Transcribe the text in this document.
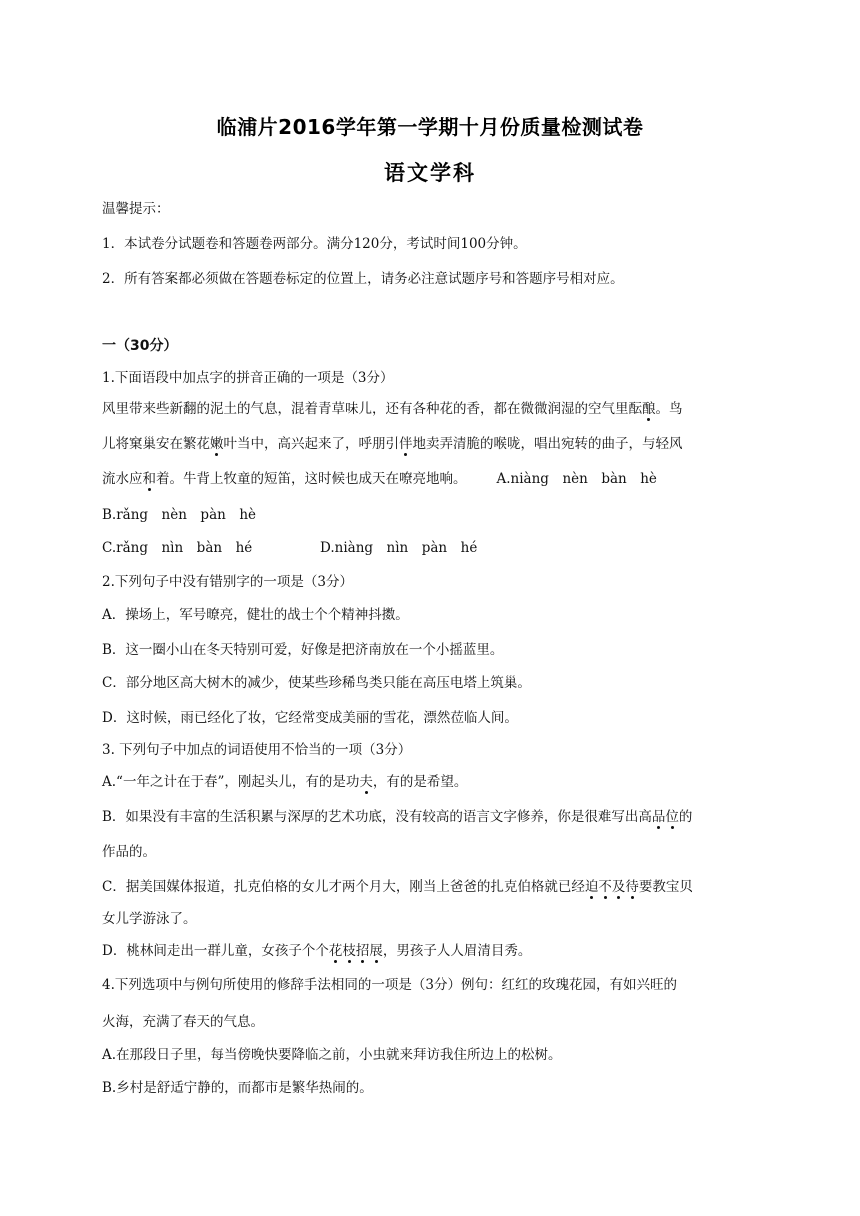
临浦片2016学年第一学期十月份质量检测试卷
语文学科
温馨提示：
1．本试卷分试题卷和答题卷两部分。满分120分，考试时间100分钟。
2．所有答案都必须做在答题卷标定的位置上，请务必注意试题序号和答题序号相对应。
一（30分）
1.下面语段中加点字的拼音正确的一项是（3分）
风里带来些新翻的泥土的气息，混着青草味儿，还有各种花的香，都在微微润湿的空气里酝酿。鸟
儿将窠巢安在繁花嫩叶当中，高兴起来了，呼朋引伴地卖弄清脆的喉咙，唱出宛转的曲子，与轻风
流水应和着。牛背上牧童的短笛，这时候也成天在嘹亮地响。 A.niàng　nèn　bàn　hè
B.rǎng　nèn　pàn　hè
C.rǎng　nìn　bàn　hé	D.niàng　nìn　pàn　hé
2.下列句子中没有错别字的一项是（3分）
A．操场上，军号暸亮，健壮的战士个个精神抖擞。
B．这一圈小山在冬天特别可爱，好像是把济南放在一个小摇蓝里。
C．部分地区高大树木的减少，使某些珍稀鸟类只能在高压电塔上筑巢。
D．这时候，雨已经化了妆，它经常变成美丽的雪花，漂然莅临人间。
3. 下列句子中加点的词语使用不恰当的一项（3分）
A.“一年之计在于春”，刚起头儿，有的是功夫，有的是希望。
B．如果没有丰富的生活积累与深厚的艺术功底，没有较高的语言文字修养，你是很难写出高品位的
作品的。
C．据美国媒体报道，扎克伯格的女儿才两个月大，刚当上爸爸的扎克伯格就已经迫不及待要教宝贝
女儿学游泳了。
D．桃林间走出一群儿童，女孩子个个花枝招展，男孩子人人眉清目秀。
4.下列选项中与例句所使用的修辞手法相同的一项是（3分）例句：红红的玫瑰花园，有如兴旺的
火海，充满了春天的气息。
A.在那段日子里，每当傍晚快要降临之前，小虫就来拜访我住所边上的松树。
B.乡村是舒适宁静的，而都市是繁华热闹的。
